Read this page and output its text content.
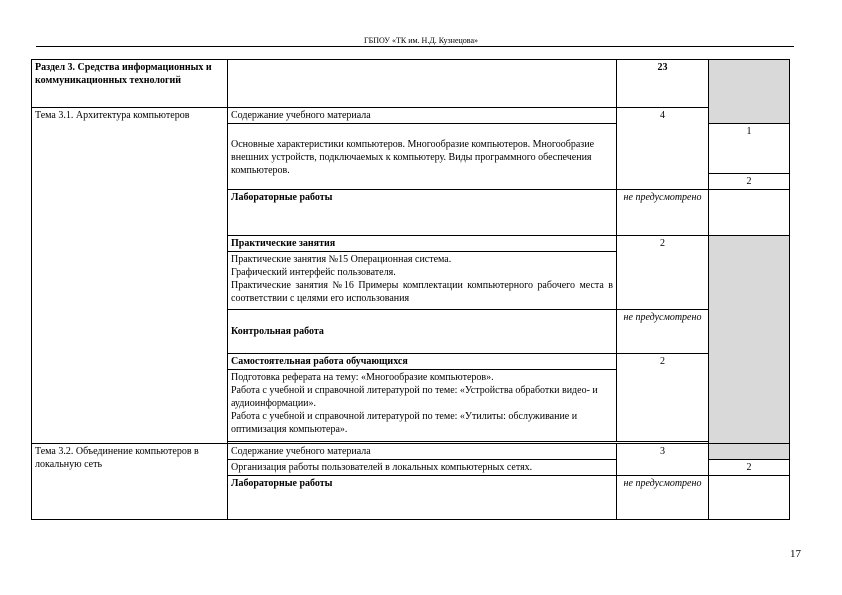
ГБПОУ «ТК им. Н.Д. Кузнецова»
Раздел 3. Средства информационных и коммуникационных технологий		23	
Тема 3.1. Архитектура компьютеров	Содержание учебного материала	4	
	Основные характеристики компьютеров. Многообразие компьютеров. Многообразие внешних устройств, подключаемых к компьютеру. Виды программного обеспечения компьютеров.		1
			2
	Лабораторные работы	не предусмотрено	
	Практические занятия	2	

	Практические занятия №15 Операционная система.
Графический интерфейс пользователя.
Практические занятия №16 Примеры комплектации компьютерного рабочего места в соответствии с целями его использования		

	Контрольная работа	не предусмотрено	
	Самостоятельная работа обучающихся	2	

	Подготовка реферата на тему: «Многообразие компьютеров».
Работа с учебной и справочной литературой по теме: «Устройства обработки видео- и аудиоинформации».
Работа с учебной и справочной литературой по теме: «Утилиты: обслуживание и оптимизация компьютера».		

Тема 3.2. Объединение компьютеров в локальную сеть	Содержание учебного материала	3	
	Организация работы пользователей в локальных компьютерных сетях.		2
	Лабораторные работы	не предусмотрено	
17
